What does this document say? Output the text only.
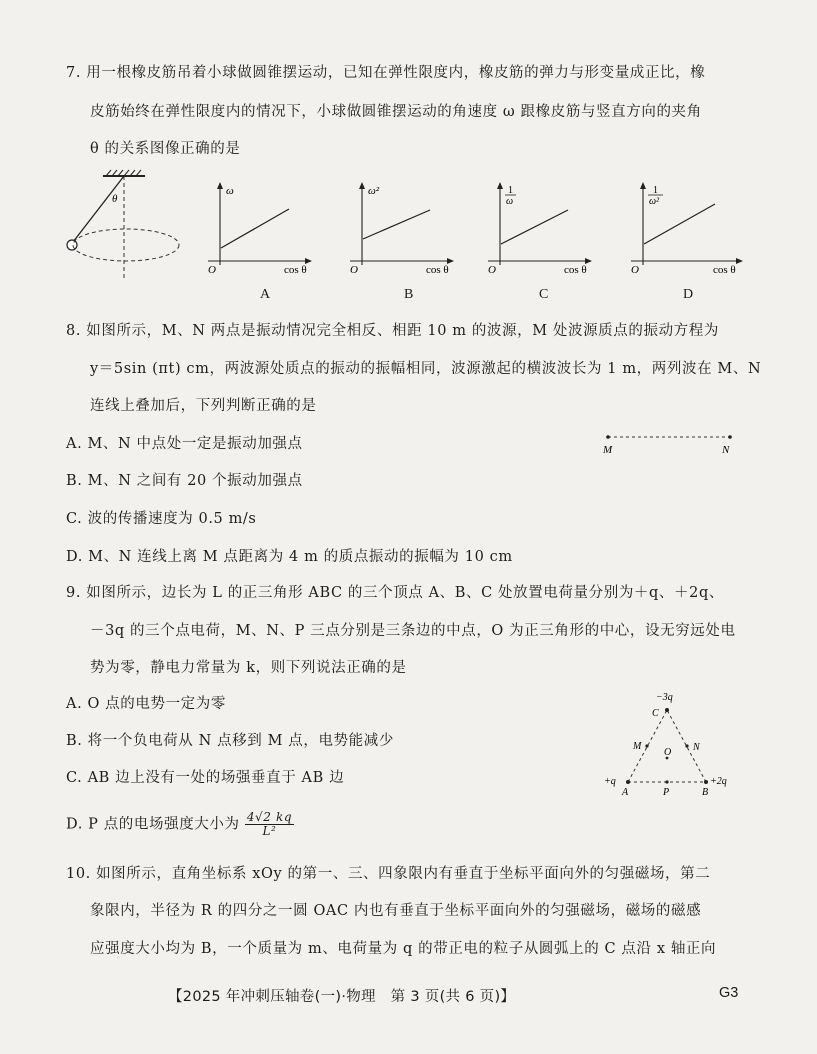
7. 用一根橡皮筋吊着小球做圆锥摆运动，已知在弹性限度内，橡皮筋的弹力与形变量成正比，橡
皮筋始终在弹性限度内的情况下，小球做圆锥摆运动的角速度 ω 跟橡皮筋与竖直方向的夹角
θ 的关系图像正确的是
θ
ω
O	cos θ
A
ω²
O	cos θ
B
1
ω
O	cos θ
C
1
ω²
O	cos θ
D
8. 如图所示，M、N 两点是振动情况完全相反、相距 10 m 的波源，M 处波源质点的振动方程为
y＝5sin (πt) cm，两波源处质点的振动的振幅相同，波源激起的横波波长为 1 m，两列波在 M、N
连线上叠加后，下列判断正确的是
A. M、N 中点处一定是振动加强点
B. M、N 之间有 20 个振动加强点
C. 波的传播速度为 0.5 m/s
D. M、N 连线上离 M 点距离为 4 m 的质点振动的振幅为 10 cm
M	N
9. 如图所示，边长为 L 的正三角形 ABC 的三个顶点 A、B、C 处放置电荷量分别为＋q、＋2q、
－3q 的三个点电荷，M、N、P 三点分别是三条边的中点，O 为正三角形的中心，设无穷远处电
势为零，静电力常量为 k，则下列说法正确的是
A. O 点的电势一定为零
B. 将一个负电荷从 N 点移到 M 点，电势能减少
C. AB 边上没有一处的场强垂直于 AB 边
D. P 点的电场强度大小为 $\frac{4√2 kq}{\text{L²}}$
−3q
C
M
O N
+q
A	P	B
+2q
10. 如图所示，直角坐标系 xOy 的第一、三、四象限内有垂直于坐标平面向外的匀强磁场，第二
象限内，半径为 R 的四分之一圆 OAC 内也有垂直于坐标平面向外的匀强磁场，磁场的磁感
应强度大小均为 B，一个质量为 m、电荷量为 q 的带正电的粒子从圆弧上的 C 点沿 x 轴正向
【2025 年冲刺压轴卷(一)·物理　第 3 页(共 6 页)】	G3
